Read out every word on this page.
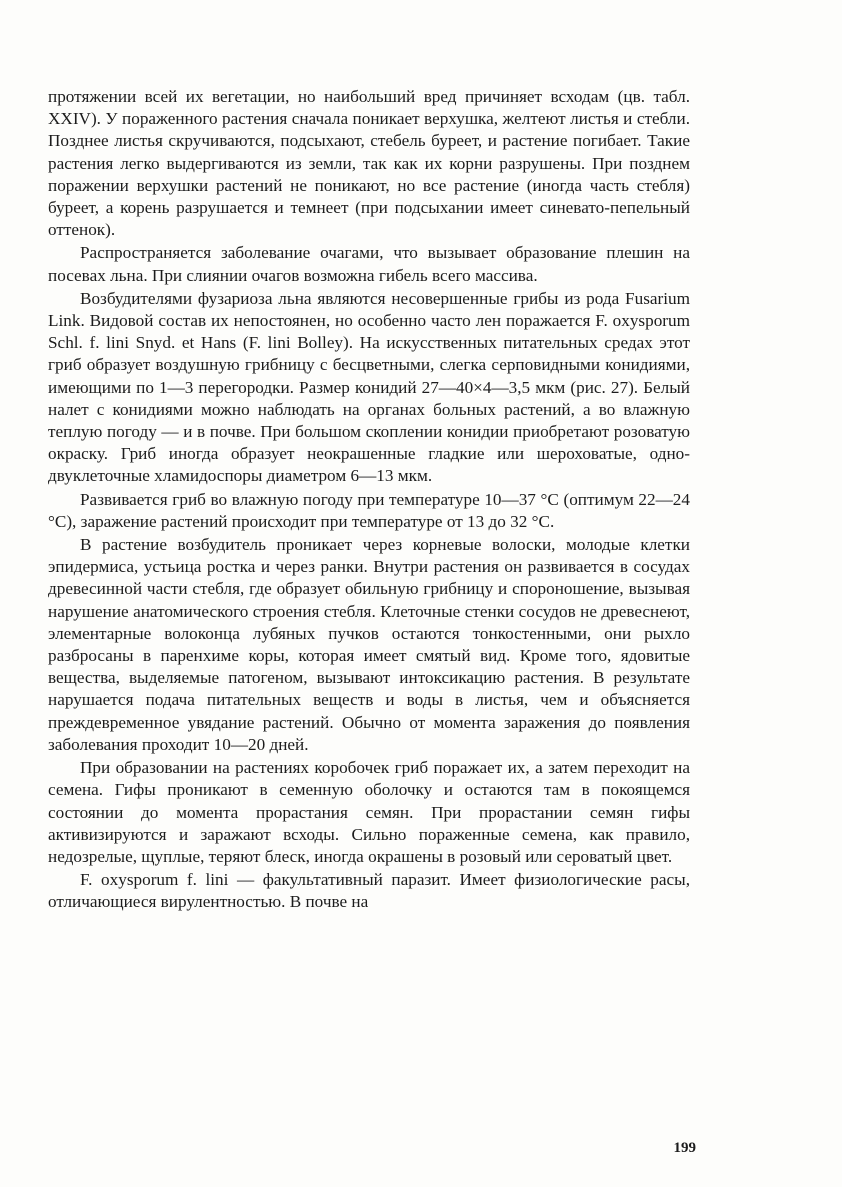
протяжении всей их вегетации, но наибольший вред причиняет всходам (цв. табл. XXIV). У пораженного растения сначала поникает верхушка, желтеют листья и стебли. Позднее листья скручиваются, подсыхают, стебель буреет, и растение погибает. Такие растения легко выдергиваются из земли, так как их корни разрушены. При позднем поражении верхушки растений не поникают, но все растение (иногда часть стебля) буреет, а корень разрушается и темнеет (при подсыхании имеет синевато-пепельный оттенок).

Распространяется заболевание очагами, что вызывает образование плешин на посевах льна. При слиянии очагов возможна гибель всего массива.

Возбудителями фузариоза льна являются несовершенные грибы из рода Fusarium Link. Видовой состав их непостоянен, но особенно часто лен поражается F. oxysporum Schl. f. lini Snyd. et Hans (F. lini Bolley). На искусственных питательных средах этот гриб образует воздушную грибницу с бесцветными, слегка серповидными конидиями, имеющими по 1—3 перегородки. Размер конидий 27—40×4—3,5 мкм (рис. 27). Белый налет с конидиями можно наблюдать на органах больных растений, а во влажную теплую погоду — и в почве. При большом скоплении конидии приобретают розоватую окраску. Гриб иногда образует неокрашенные гладкие или шероховатые, одно-двуклеточные хламидоспоры диаметром 6—13 мкм.

Развивается гриб во влажную погоду при температуре 10—37 °С (оптимум 22—24 °С), заражение растений происходит при температуре от 13 до 32 °С.

В растение возбудитель проникает через корневые волоски, молодые клетки эпидермиса, устьица ростка и через ранки. Внутри растения он развивается в сосудах древесинной части стебля, где образует обильную грибницу и спороношение, вызывая нарушение анатомического строения стебля. Клеточные стенки сосудов не древеснеют, элементарные волоконца лубяных пучков остаются тонкостенными, они рыхло разбросаны в паренхиме коры, которая имеет смятый вид. Кроме того, ядовитые вещества, выделяемые патогеном, вызывают интоксикацию растения. В результате нарушается подача питательных веществ и воды в листья, чем и объясняется преждевременное увядание растений. Обычно от момента заражения до появления заболевания проходит 10—20 дней.

При образовании на растениях коробочек гриб поражает их, а затем переходит на семена. Гифы проникают в семенную оболочку и остаются там в покоящемся состоянии до момента прорастания семян. При прорастании семян гифы активизируются и заражают всходы. Сильно пораженные семена, как правило, недозрелые, щуплые, теряют блеск, иногда окрашены в розовый или сероватый цвет.

F. oxysporum f. lini — факультативный паразит. Имеет физиологические расы, отличающиеся вирулентностью. В почве на

199
